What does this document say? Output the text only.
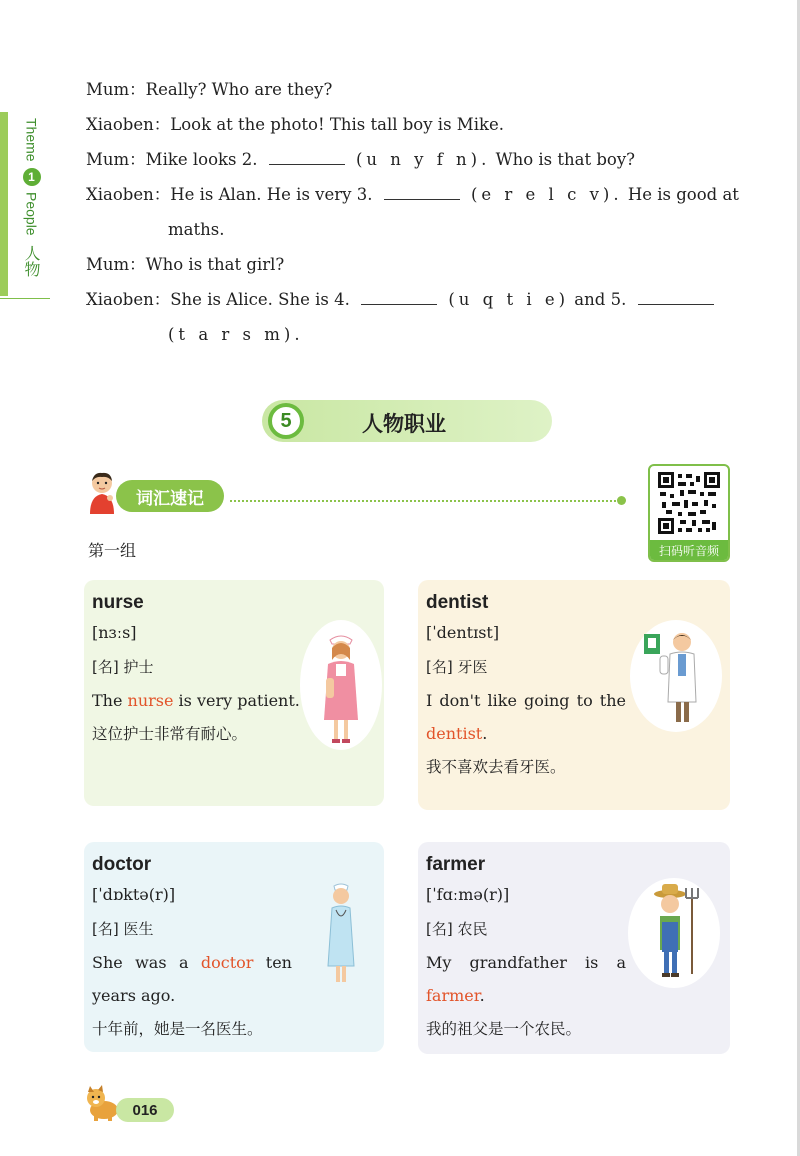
Theme
1
People
人物
Mum： Really? Who are they?
Xiaoben： Look at the photo! This tall boy is Mike.
Mum： Mike looks 2.	(u n y f n). Who is that boy?
Xiaoben： He is Alan. He is very 3.	(e r e l c v). He is good at
maths.
Mum： Who is that girl?
Xiaoben： She is Alice. She is 4.	(u q t i e) and 5.
(t a r s m).
5	人物职业
词汇速记
扫码听音频
第一组
nurse
[nɜːs]
[名] 护士
The nurse is very patient.
这位护士非常有耐心。
dentist
[ˈdentɪst]
[名] 牙医
I don't like going to the dentist.
我不喜欢去看牙医。
doctor
[ˈdɒktə(r)]
[名] 医生
She was a doctor ten years ago.
十年前，她是一名医生。
farmer
[ˈfɑːmə(r)]
[名] 农民
My grandfather is a farmer.
我的祖父是一个农民。
016
